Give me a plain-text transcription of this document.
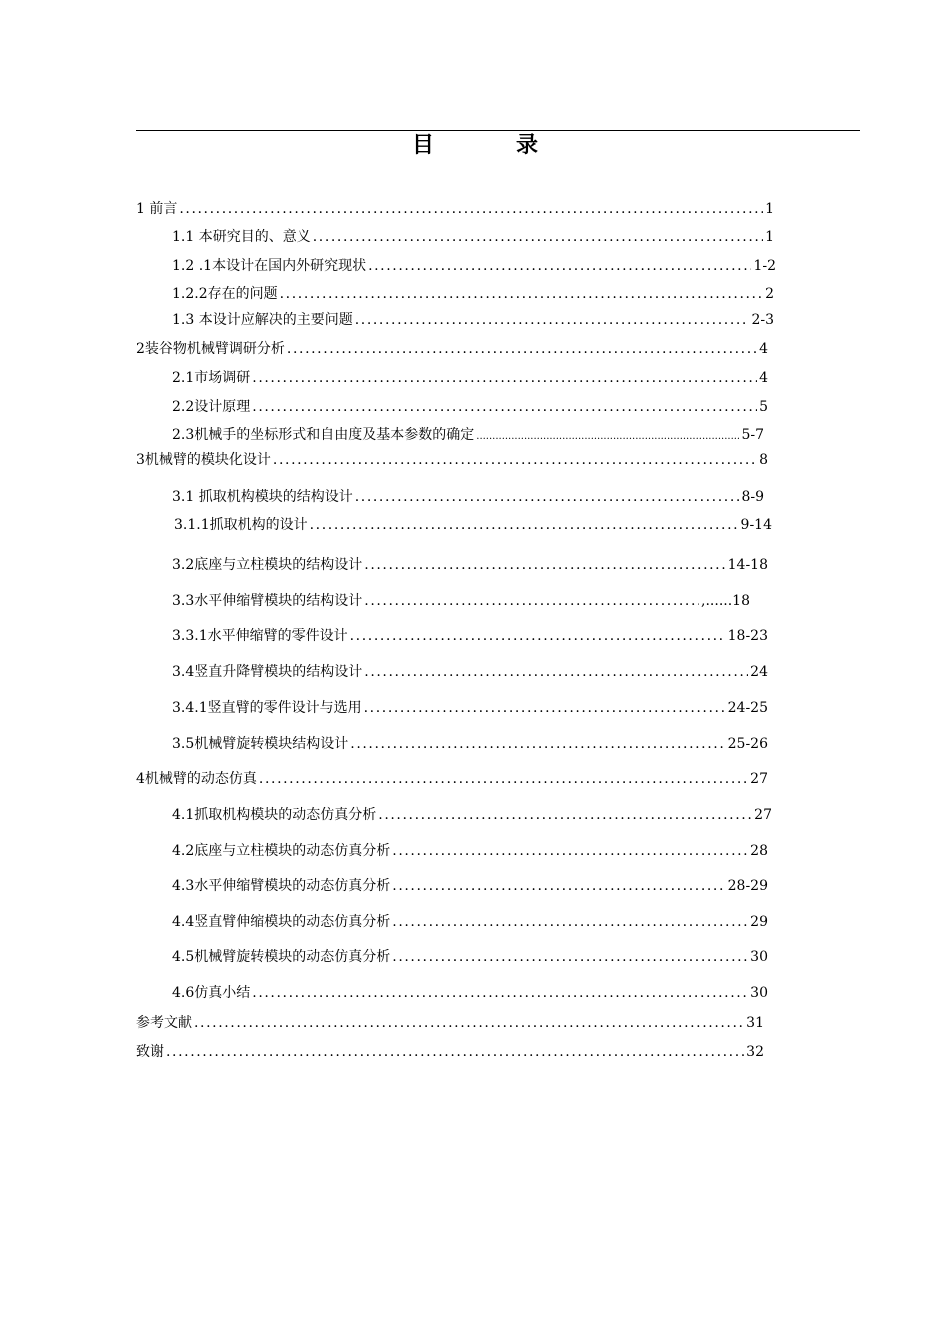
目　录
1 前言 .....	1
1.1 本研究目的、意义 .....	1
1.2 .1本设计在国内外研究现状 .....	1-2
1.2.2存在的问题 .....	2
1.3 本设计应解决的主要问题 .....	2-3
2装谷物机械臂调研分析 .....	4
2.1市场调研 .....	4
2.2设计原理 .....	5
2.3机械手的坐标形式和自由度及基本参数的确定 .....	5-7
3机械臂的模块化设计 .....	8
3.1 抓取机构模块的结构设计 .....	8-9
3.1.1抓取机构的设计 .....	9-14
3.2底座与立柱模块的结构设计 .....	14-18
3.3水平伸缩臂模块的结构设计 .....	,......18
3.3.1水平伸缩臂的零件设计 .....	18-23
3.4竖直升降臂模块的结构设计 .....	24
3.4.1竖直臂的零件设计与选用 .....	24-25
3.5机械臂旋转模块结构设计 .....	25-26
4机械臂的动态仿真 .....	27
4.1抓取机构模块的动态仿真分析 .....	27
4.2底座与立柱模块的动态仿真分析 .....	28
4.3水平伸缩臂模块的动态仿真分析 .....	28-29
4.4竖直臂伸缩模块的动态仿真分析 .....	29
4.5机械臂旋转模块的动态仿真分析 .....	30
4.6仿真小结 .....	30
参考文献 .....	31
致谢 .....	32
